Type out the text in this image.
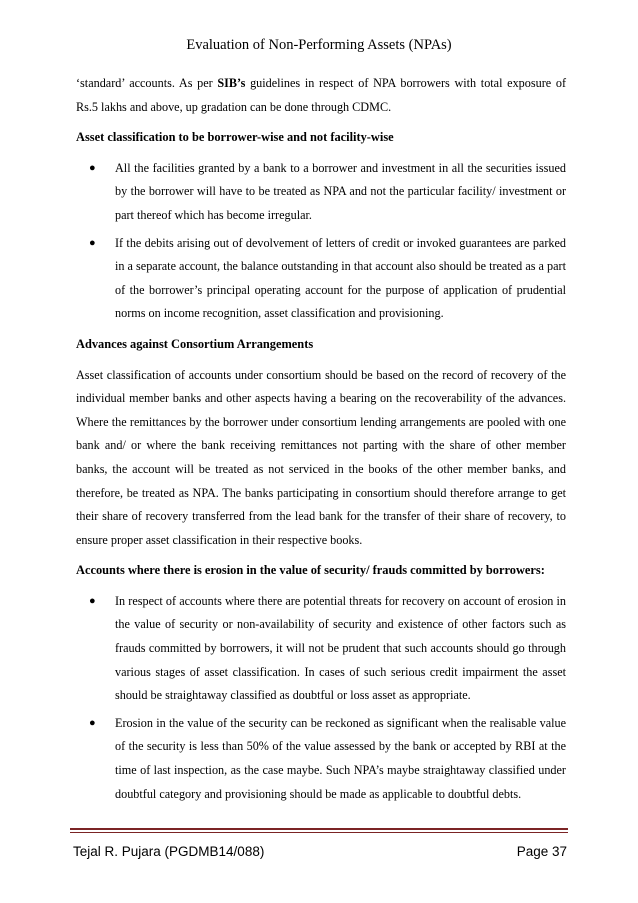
Evaluation of Non-Performing Assets (NPAs)

‘standard’ accounts. As per SIB’s guidelines in respect of NPA borrowers with total exposure of Rs.5 lakhs and above, up gradation can be done through CDMC.

Asset classification to be borrower-wise and not facility-wise
● All the facilities granted by a bank to a borrower and investment in all the securities issued by the borrower will have to be treated as NPA and not the particular facility/ investment or part thereof which has become irregular.
● If the debits arising out of devolvement of letters of credit or invoked guarantees are parked in a separate account, the balance outstanding in that account also should be treated as a part of the borrower’s principal operating account for the purpose of application of prudential norms on income recognition, asset classification and provisioning.
Advances against Consortium Arrangements

Asset classification of accounts under consortium should be based on the record of recovery of the individual member banks and other aspects having a bearing on the recoverability of the advances. Where the remittances by the borrower under consortium lending arrangements are pooled with one bank and/ or where the bank receiving remittances not parting with the share of other member banks, the account will be treated as not serviced in the books of the other member banks, and therefore, be treated as NPA. The banks participating in consortium should therefore arrange to get their share of recovery transferred from the lead bank for the transfer of their share of recovery, to ensure proper asset classification in their respective books.

Accounts where there is erosion in the value of security/ frauds committed by borrowers:
● In respect of accounts where there are potential threats for recovery on account of erosion in the value of security or non-availability of security and existence of other factors such as frauds committed by borrowers, it will not be prudent that such accounts should go through various stages of asset classification. In cases of such serious credit impairment the asset should be straightaway classified as doubtful or loss asset as appropriate.
● Erosion in the value of the security can be reckoned as significant when the realisable value of the security is less than 50% of the value assessed by the bank or accepted by RBI at the time of last inspection, as the case maybe. Such NPA’s maybe straightaway classified under doubtful category and provisioning should be made as applicable to doubtful debts.
Tejal R. Pujara (PGDMB14/088)	Page 37
